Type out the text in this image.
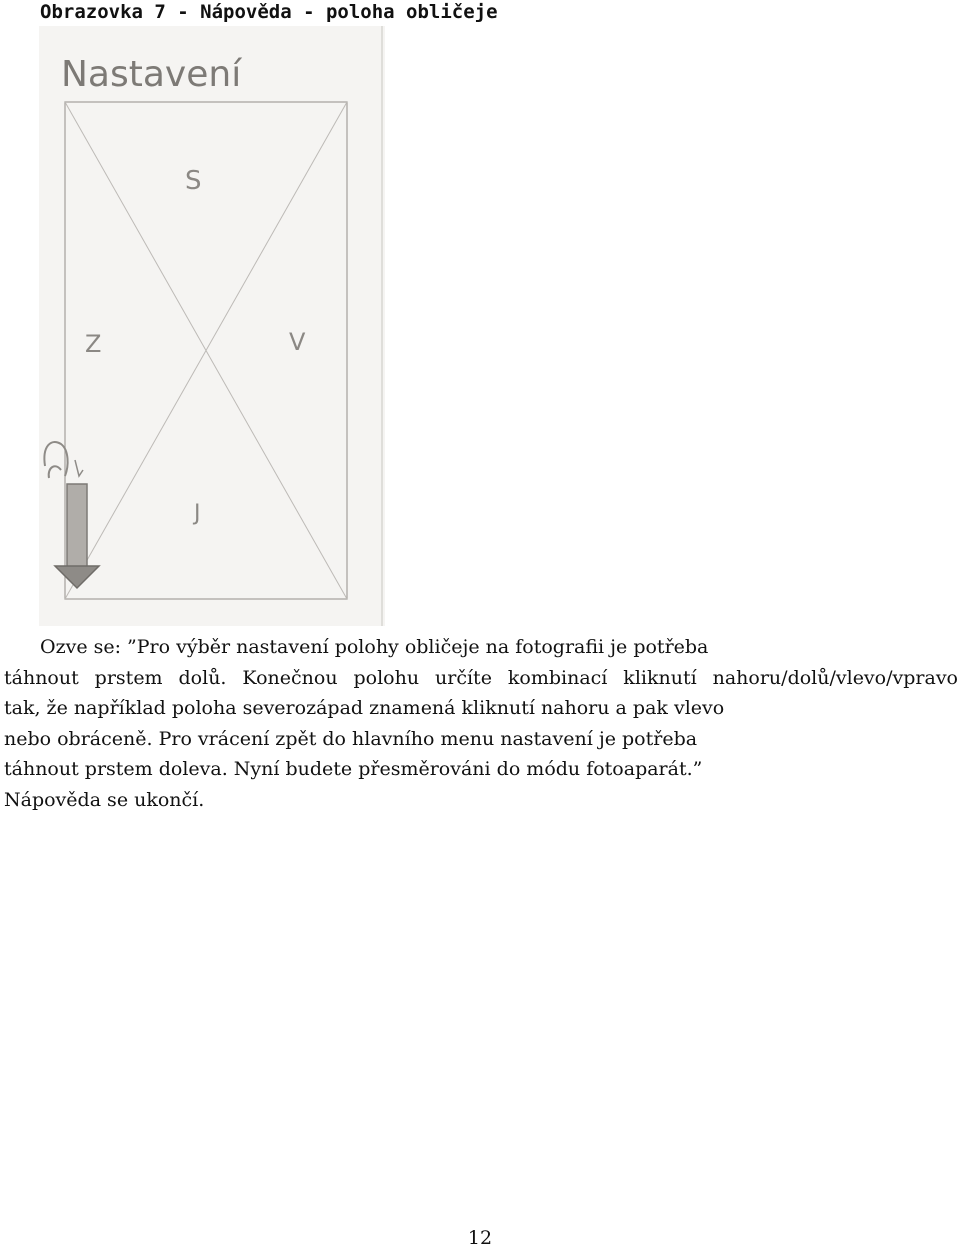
Obrazovka 7 - Nápověda - poloha obličeje
Nastavení
S
Z	V
J
Ozve se: ”Pro výběr nastavení polohy obličeje na fotografii je potřeba
táhnout prstem dolů. Konečnou polohu určíte kombinací kliknutí nahoru/dolů/vlevo/vpravo
tak, že například poloha severozápad znamená kliknutí nahoru a pak vlevo
nebo obráceně. Pro vrácení zpět do hlavního menu nastavení je potřeba
táhnout prstem doleva. Nyní budete přesměrováni do módu fotoaparát.”
Nápověda se ukončí.
12
